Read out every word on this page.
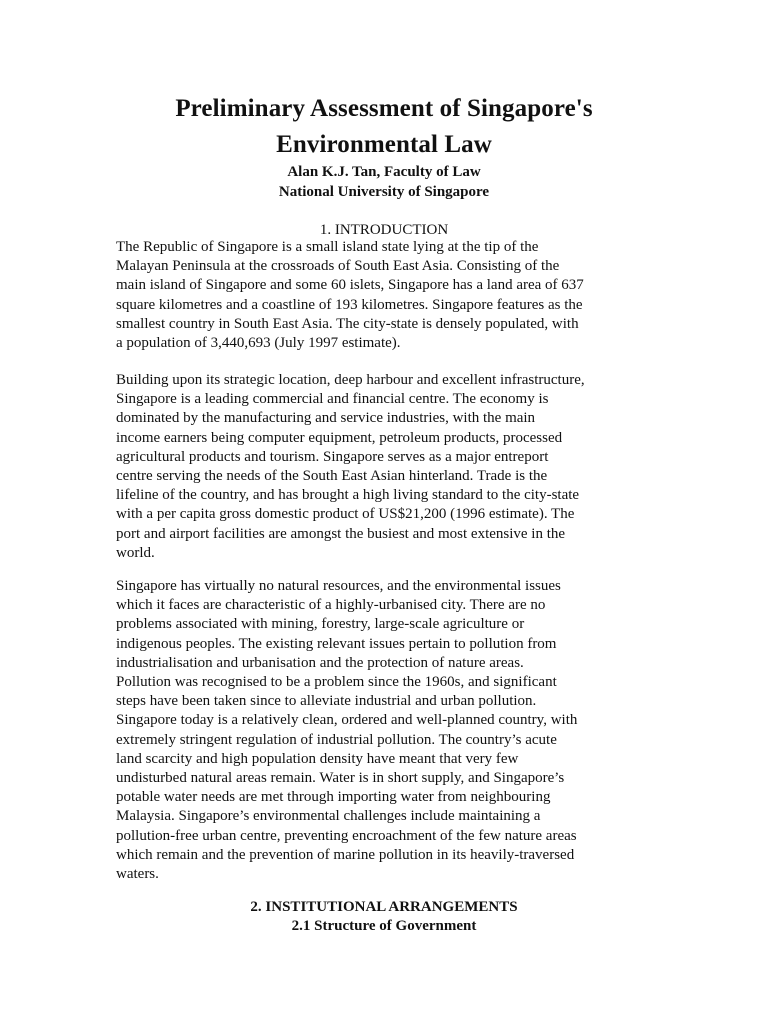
Preliminary Assessment of Singapore's
Environmental Law
Alan K.J. Tan, Faculty of Law
National University of Singapore
1. INTRODUCTION
The Republic of Singapore is a small island state lying at the tip of the
Malayan Peninsula at the crossroads of South East Asia. Consisting of the
main island of Singapore and some 60 islets, Singapore has a land area of 637
square kilometres and a coastline of 193 kilometres. Singapore features as the
smallest country in South East Asia. The city-state is densely populated, with
a population of 3,440,693 (July 1997 estimate).
Building upon its strategic location, deep harbour and excellent infrastructure,
Singapore is a leading commercial and financial centre. The economy is
dominated by the manufacturing and service industries, with the main
income earners being computer equipment, petroleum products, processed
agricultural products and tourism. Singapore serves as a major entreport
centre serving the needs of the South East Asian hinterland. Trade is the
lifeline of the country, and has brought a high living standard to the city-state
with a per capita gross domestic product of US$21,200 (1996 estimate). The
port and airport facilities are amongst the busiest and most extensive in the
world.
Singapore has virtually no natural resources, and the environmental issues
which it faces are characteristic of a highly-urbanised city. There are no
problems associated with mining, forestry, large-scale agriculture or
indigenous peoples. The existing relevant issues pertain to pollution from
industrialisation and urbanisation and the protection of nature areas.
Pollution was recognised to be a problem since the 1960s, and significant
steps have been taken since to alleviate industrial and urban pollution.
Singapore today is a relatively clean, ordered and well-planned country, with
extremely stringent regulation of industrial pollution. The country’s acute
land scarcity and high population density have meant that very few
undisturbed natural areas remain. Water is in short supply, and Singapore’s
potable water needs are met through importing water from neighbouring
Malaysia. Singapore’s environmental challenges include maintaining a
pollution-free urban centre, preventing encroachment of the few nature areas
which remain and the prevention of marine pollution in its heavily-traversed
waters.
2. INSTITUTIONAL ARRANGEMENTS
2.1 Structure of Government
